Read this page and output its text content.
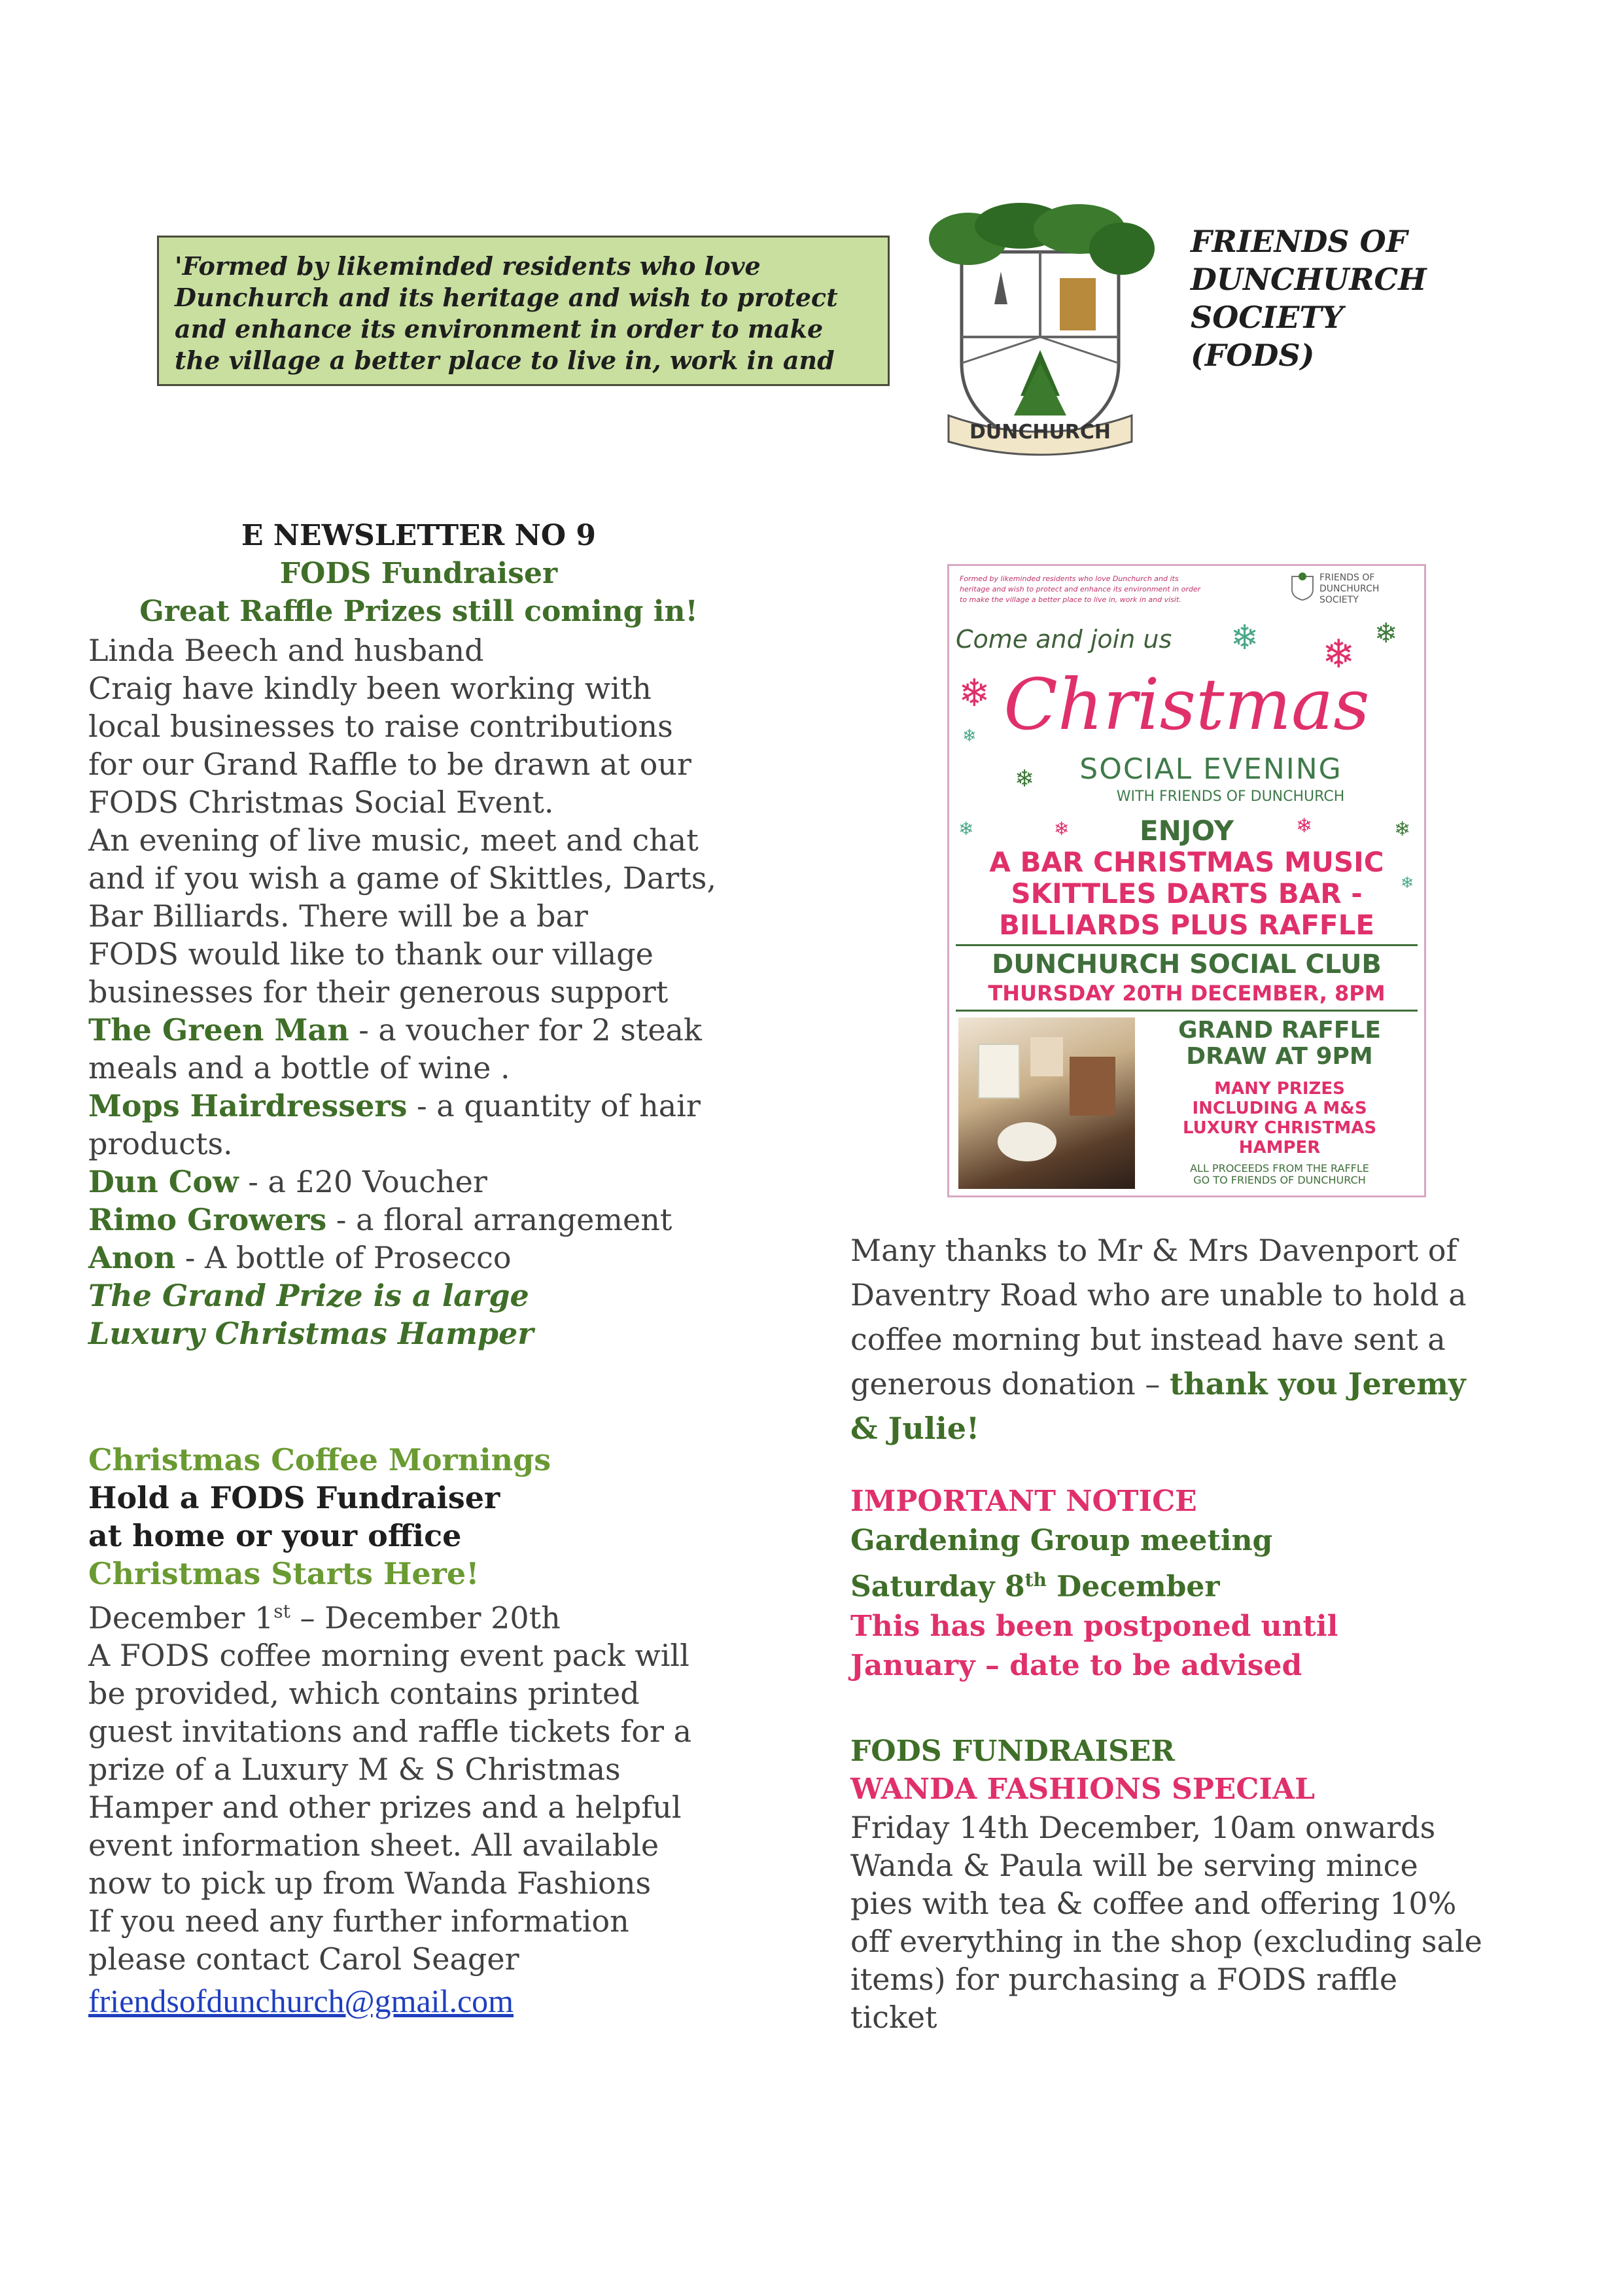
'Formed by likeminded residents who love
Dunchurch and its heritage and wish to protect
and enhance its environment in order to make
the village a better place to live in, work in and
DUNCHURCH
FRIENDS OF
DUNCHURCH
SOCIETY
(FODS)
E NEWSLETTER NO 9
FODS Fundraiser
Great Raffle Prizes still coming in!
Linda Beech and husband
Craig have kindly been working with
local businesses to raise contributions
for our Grand Raffle to be drawn at our
FODS Christmas Social Event.
An evening of live music, meet and chat
and if you wish a game of Skittles, Darts,
Bar Billiards. There will be a bar
FODS would like to thank our village
businesses for their generous support
The Green Man - a voucher for 2 steak
meals and a bottle of wine .
Mops Hairdressers - a quantity of hair
products.
Dun Cow - a £20 Voucher
Rimo Growers - a floral arrangement
Anon - A bottle of Prosecco
The Grand Prize is a large
Luxury Christmas Hamper
Christmas Coffee Mornings
Hold a FODS Fundraiser
at home or your office
Christmas Starts Here!
December 1st – December 20th
A FODS coffee morning event pack will
be provided, which contains printed
guest invitations and raffle tickets for a
prize of a Luxury M & S Christmas
Hamper and other prizes and a helpful
event information sheet. All available
now to pick up from Wanda Fashions
If you need any further information
please contact Carol Seager
friendsofdunchurch@gmail.com
Formed by likeminded residents who love Dunchurch and its
heritage and wish to protect and enhance its environment in order
to make the village a better place to live in, work in and visit.
FRIENDS OF
DUNCHURCH
SOCIETY
❄ ❄ ❄
❄
❄
❄
❄	❄	❄	❄
❄
Come and join us
Christmas
SOCIAL EVENING
WITH FRIENDS OF DUNCHURCH
ENJOY
A BAR CHRISTMAS MUSIC
SKITTLES DARTS BAR -
BILLIARDS PLUS RAFFLE
DUNCHURCH SOCIAL CLUB
THURSDAY 20TH DECEMBER, 8PM
GRAND RAFFLE
DRAW AT 9PM
MANY PRIZES
INCLUDING A M&S
LUXURY CHRISTMAS
HAMPER
ALL PROCEEDS FROM THE RAFFLE
GO TO FRIENDS OF DUNCHURCH
Many thanks to Mr & Mrs Davenport of
Daventry Road who are unable to hold a
coffee morning but instead have sent a
generous donation – thank you Jeremy
& Julie!
IMPORTANT NOTICE
Gardening Group meeting
Saturday 8th December
This has been postponed until
January – date to be advised
FODS FUNDRAISER
WANDA FASHIONS SPECIAL
Friday 14th December, 10am onwards
Wanda & Paula will be serving mince
pies with tea & coffee and offering 10%
off everything in the shop (excluding sale
items) for purchasing a FODS raffle
ticket
